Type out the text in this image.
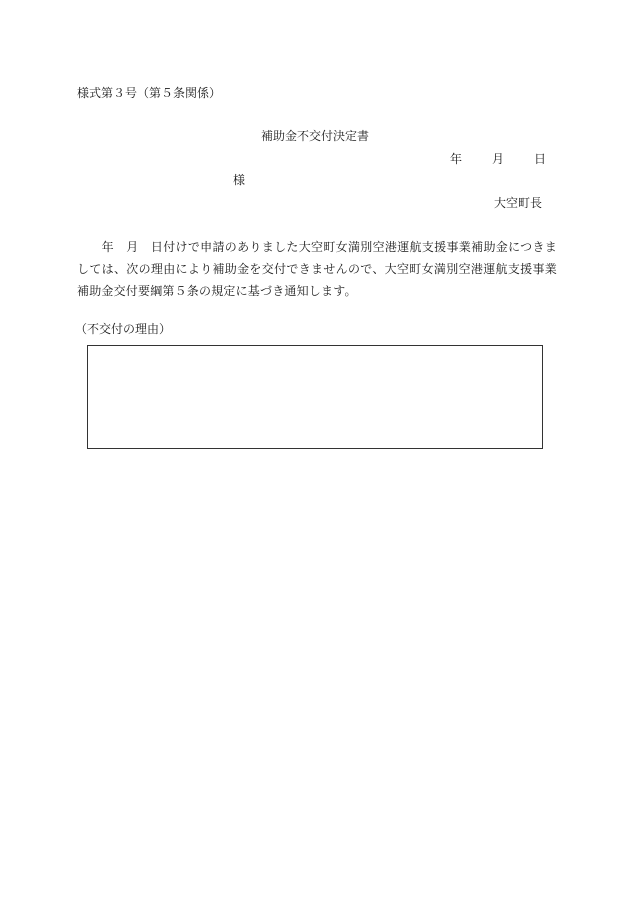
様式第３号（第５条関係）
補助金不交付決定書
年	月	日
様
大空町長
　　年　月　日付けで申請のありました大空町女満別空港運航支援事業補助金につきましては、次の理由により補助金を交付できませんので、大空町女満別空港運航支援事業補助金交付要綱第５条の規定に基づき通知します。
（不交付の理由）
